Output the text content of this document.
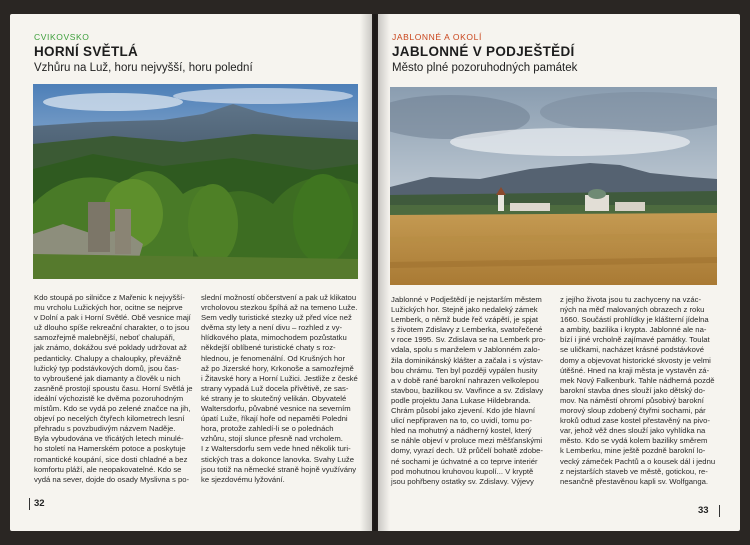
CVIKOVSKO
HORNÍ SVĚTLÁ
Vzhůru na Luž, horu nejvyšší, horu polední

Kdo stoupá po silničce z Mařenic k nejvyšší-

mu vrcholu Lužických hor, ocitne se nejprve

v Dolní a pak i Horní Světlé. Obě vesnice mají

už dlouho spíše rekreační charakter, o to jsou

samozřejmě malebnější, neboť chalupáři,

jak známo, dokážou své poklady udržovat až

pedanticky. Chalupy a chaloupky, převážně

lužický typ podstávkových domů, jsou čas-

to vybroušené jak diamanty a člověk u nich

zasněně prostojí spoustu času. Horní Světlá je

ideální výchozistě ke dvěma pozoruhodným

místům. Kdo se vydá po zelené značce na jih,

objeví po necelých čtyřech kilometrech lesní

přehradu s povzbudivým názvem Naděje.

Byla vybudována ve třicátých letech minulé-

ho století na Hamerském potoce a poskytuje

romantické koupání, sice dosti chladné a bez

komfortu pláží, ale neopakovatelné. Kdo se

vydá na sever, dojde do osady Myslivna s po-

slední možností občerstvení a pak už klikatou

vrcholovou stezkou špíhá až na temeno Luže.

Sem vedly turistické stezky už před více než

dvěma sty lety a není divu – rozhled z vy-

hlídkového plata, mimochodem pozůstatku

někdejší oblíbené turistické chaty s roz-

hlednou, je fenomenální. Od Krušných hor

až po Jizerské hory, Krkonoše a samozřejmě

i Žitavské hory a Horní Lužici. Jestliže z české

strany vypadá Luž docela přívětivě, ze sas-

ké strany je to skutečný velikán. Obyvatelé

Waltersdorfu, půvabné vesnice na severním

úpatí Luže, říkají hoře od nepaměti Poledni

hora, protože zahledí-li se o polednách

vzhůru, stojí slunce přesně nad vrcholem.

I z Waltersdorfu sem vede hned několik turi-

stických tras a dokonce lanovka. Svahy Luže

jsou totiž na německé straně hojně využívány

ke sjezdovému lyžování.

32
JABLONNÉ A OKOLÍ
JABLONNÉ V PODJEŠTĚDÍ
Město plné pozoruhodných památek

Jablonné v Podještědí je nejstarším městem

Lužických hor. Stejně jako nedaleký zámek

Lemberk, o němž bude řeč vzápětí, je spjat

s životem Zdislavy z Lemberka, svatořečené

v roce 1995. Sv. Zdislava se na Lemberk pro-

vdala, spolu s manželem v Jablonném zalo-

žila dominikánský klášter a začala i s výstav-

bou chrámu. Ten byl později vypálen husity

a v době rané barokní nahrazen velkolepou

stavbou, bazilikou sv. Vavřince a sv. Zdislavy

podle projektu Jana Lukase Hildebranda.

Chrám působí jako zjevení. Kdo jde hlavní

ulicí nepřipraven na to, co uvidí, tomu po-

hled na mohutný a nádherný kostel, který

se náhle objeví v proluce mezi měšťanskými

domy, vyrazí dech. Už průčelí bohatě zdobe-

né sochami je úchvatné a co teprve interiér

pod mohutnou kruhovou kupolí... V kryptě

jsou pohřbeny ostatky sv. Zdislavy. Výjevy

z jejího života jsou tu zachyceny na vzác-

ných na měď malovaných obrazech z roku

1660. Součástí prohlídky je klášterní jídelna

a ambity, bazilika i krypta. Jablonné ale na-

bízí i jiné vrcholně zajímavé památky. Toulat

se uličkami, nacházet krásné podstávkové

domy a objevovat historické skvosty je velmi

útěšné. Hned na kraji města je vystavěn zá-

mek Nový Falkenburk. Tahle nádherná pozdě

barokní stavba dnes slouží jako dětský do-

mov. Na náměstí ohromí působivý barokní

morový sloup zdobený čtyřmi sochami, pár

kroků odtud zase kostel přestavěný na pivo-

var, jehož věž dnes slouží jako vyhlídka na

město. Kdo se vydá kolem baziliky směrem

k Lemberku, mine ještě pozdně barokní lo-

vecký zámeček Pachtů a o kousek dál i jednu

z nejstarších staveb ve městě, gotickou, re-

nesančně přestavěnou kapli sv. Wolfganga.

33
